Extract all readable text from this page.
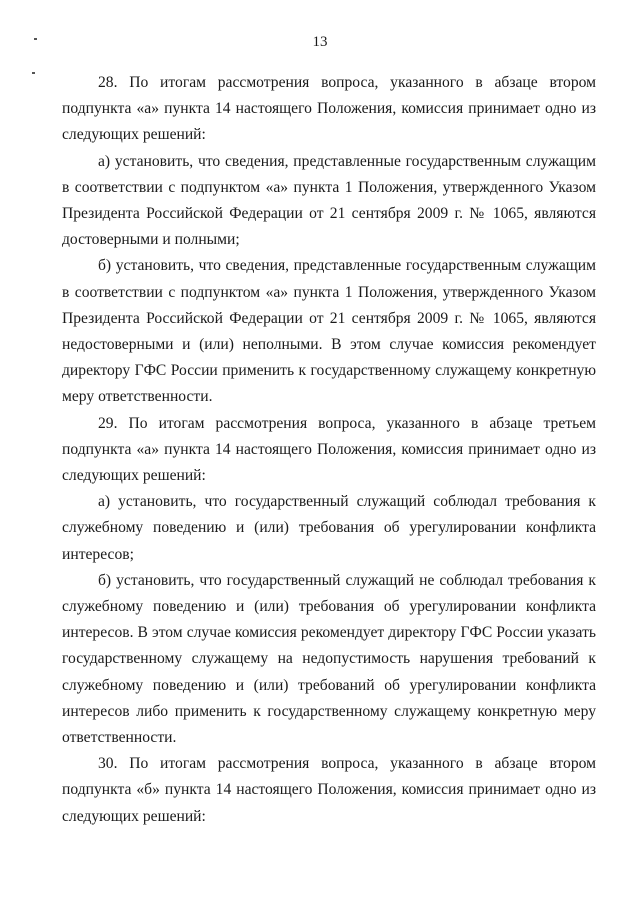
13

28. По итогам рассмотрения вопроса, указанного в абзаце втором подпункта «а» пункта 14 настоящего Положения, комиссия принимает одно из следующих решений:

а) установить, что сведения, представленные государственным служащим в соответствии с подпунктом «а» пункта 1 Положения, утвержденного Указом Президента Российской Федерации от 21 сентября 2009 г. № 1065, являются достоверными и полными;

б) установить, что сведения, представленные государственным служащим в соответствии с подпунктом «а» пункта 1 Положения, утвержденного Указом Президента Российской Федерации от 21 сентября 2009 г. № 1065, являются недостоверными и (или) неполными. В этом случае комиссия рекомендует директору ГФС России применить к государственному служащему конкретную меру ответственности.

29. По итогам рассмотрения вопроса, указанного в абзаце третьем подпункта «а» пункта 14 настоящего Положения, комиссия принимает одно из следующих решений:

а) установить, что государственный служащий соблюдал требования к служебному поведению и (или) требования об урегулировании конфликта интересов;

б) установить, что государственный служащий не соблюдал требования к служебному поведению и (или) требования об урегулировании конфликта интересов. В этом случае комиссия рекомендует директору ГФС России указать государственному служащему на недопустимость нарушения требований к служебному поведению и (или) требований об урегулировании конфликта интересов либо применить к государственному служащему конкретную меру ответственности.

30. По итогам рассмотрения вопроса, указанного в абзаце втором подпункта «б» пункта 14 настоящего Положения, комиссия принимает одно из следующих решений:
